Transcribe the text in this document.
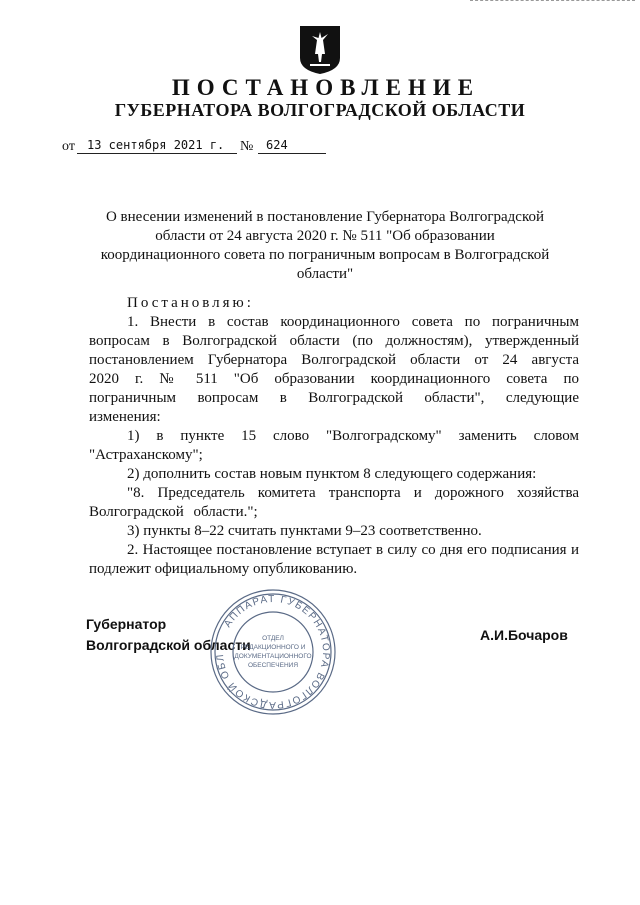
ПОСТАНОВЛЕНИЕ
ГУБЕРНАТОРА ВОЛГОГРАДСКОЙ ОБЛАСТИ
от	13 сентября 2021 г.	№	624
О внесении изменений в постановление Губернатора Волгоградской области от 24 августа 2020 г. № 511 "Об образовании координационного совета по пограничным вопросам в Волгоградской области"

Постановляю:

1. Внести в состав координационного совета по пограничным вопросам в Волгоградской области (по должностям), утвержденный постановлением Губернатора Волгоградской области от 24 августа 2020 г. № 511 "Об образовании координационного совета по пограничным вопросам в Волгоградской области", следующие изменения:

1) в пункте 15 слово "Волгоградскому" заменить словом "Астраханскому";

2) дополнить состав новым пунктом 8 следующего содержания:

"8. Председатель комитета транспорта и дорожного хозяйства Волгоградской области.";

3) пункты 8–22 считать пунктами 9–23 соответственно.

2. Настоящее постановление вступает в силу со дня его подписания и подлежит официальному опубликованию.

Губернатор
Волгоградской области
А.И.Бочаров
АППАРАТ ГУБЕРНАТОРА ВОЛГОГРАДСКОЙ ОБЛ
ОТДЕЛ
РЕДАКЦИОННОГО И
ДОКУМЕНТАЦИОННОГО
ОБЕСПЕЧЕНИЯ
